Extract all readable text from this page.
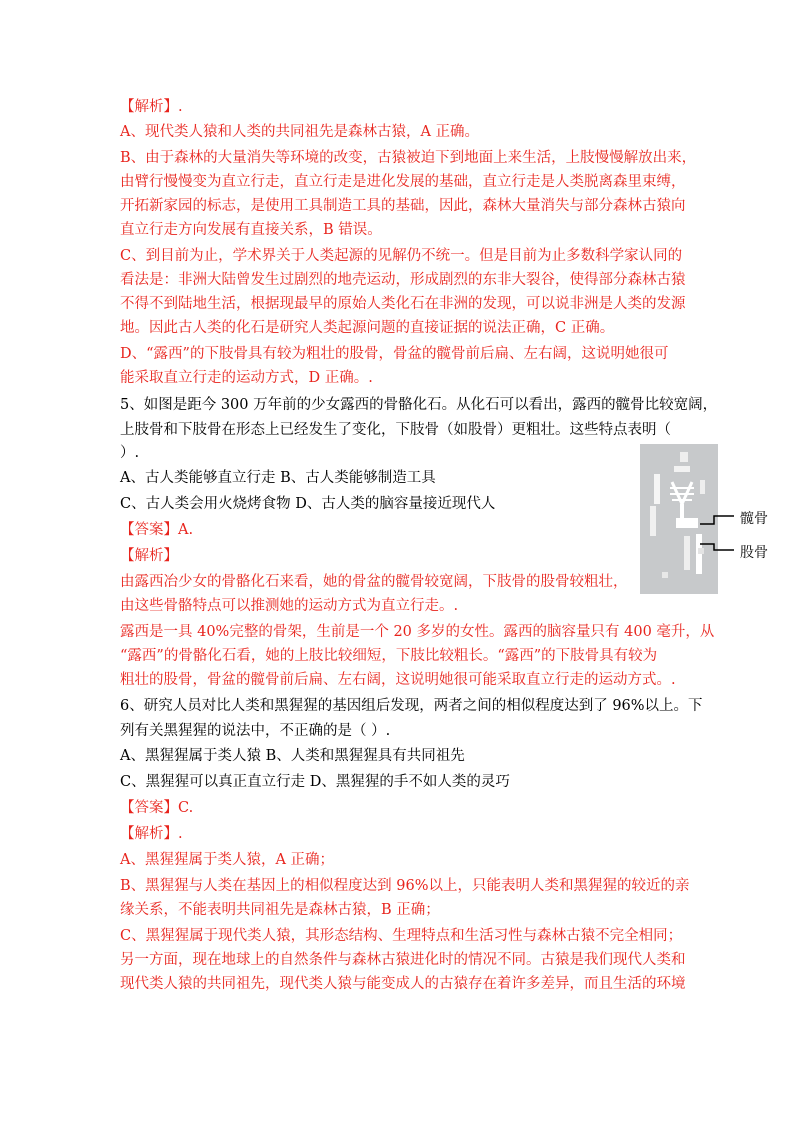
【解析】.
A、现代类人猿和人类的共同祖先是森林古猿，A 正确。
B、由于森林的大量消失等环境的改变，古猿被迫下到地面上来生活，上肢慢慢解放出来，
由臂行慢慢变为直立行走，直立行走是进化发展的基础，直立行走是人类脱离森里束缚，
开拓新家园的标志，是使用工具制造工具的基础，因此，森林大量消失与部分森林古猿向
直立行走方向发展有直接关系，B 错误。
C、到目前为止，学术界关于人类起源的见解仍不统一。但是目前为止多数科学家认同的
看法是：非洲大陆曾发生过剧烈的地壳运动，形成剧烈的东非大裂谷，使得部分森林古猿
不得不到陆地生活，根据现最早的原始人类化石在非洲的发现，可以说非洲是人类的发源
地。因此古人类的化石是研究人类起源问题的直接证据的说法正确，C 正确。
D、“露西”的下肢骨具有较为粗壮的股骨，骨盆的髋骨前后扁、左右阔，这说明她很可
能采取直立行走的运动方式，D 正确。.
5、如图是距今 300 万年前的少女露西的骨骼化石。从化石可以看出，露西的髋骨比较宽阔，
上肢骨和下肢骨在形态上已经发生了变化，下肢骨（如股骨）更粗壮。这些特点表明（
）.
A、古人类能够直立行走 B、古人类能够制造工具
C、古人类会用火烧烤食物 D、古人类的脑容量接近现代人
【答案】A.
【解析】
由露西冶少女的骨骼化石来看，她的骨盆的髋骨较宽阔，下肢骨的股骨较粗壮，
由这些骨骼特点可以推测她的运动方式为直立行走。.
露西是一具 40%完整的骨架，生前是一个 20 多岁的女性。露西的脑容量只有 400 毫升，从
“露西”的骨骼化石看，她的上肢比较细短，下肢比较粗长。“露西”的下肢骨具有较为
粗壮的股骨，骨盆的髋骨前后扁、左右阔，这说明她很可能采取直立行走的运动方式。.
6、研究人员对比人类和黑猩猩的基因组后发现，两者之间的相似程度达到了 96%以上。下
列有关黑猩猩的说法中，不正确的是（ ）.
A、黑猩猩属于类人猿 B、人类和黑猩猩具有共同祖先
C、黑猩猩可以真正直立行走 D、黑猩猩的手不如人类的灵巧
【答案】C.
【解析】.
A、黑猩猩属于类人猿，A 正确；
B、黑猩猩与人类在基因上的相似程度达到 96%以上，只能表明人类和黑猩猩的较近的亲
缘关系，不能表明共同祖先是森林古猿，B 正确；
C、黑猩猩属于现代类人猿，其形态结构、生理特点和生活习性与森林古猿不完全相同；
另一方面，现在地球上的自然条件与森林古猿进化时的情况不同。古猿是我们现代人类和
现代类人猿的共同祖先，现代类人猿与能变成人的古猿存在着许多差异，而且生活的环境
髋骨
股骨
